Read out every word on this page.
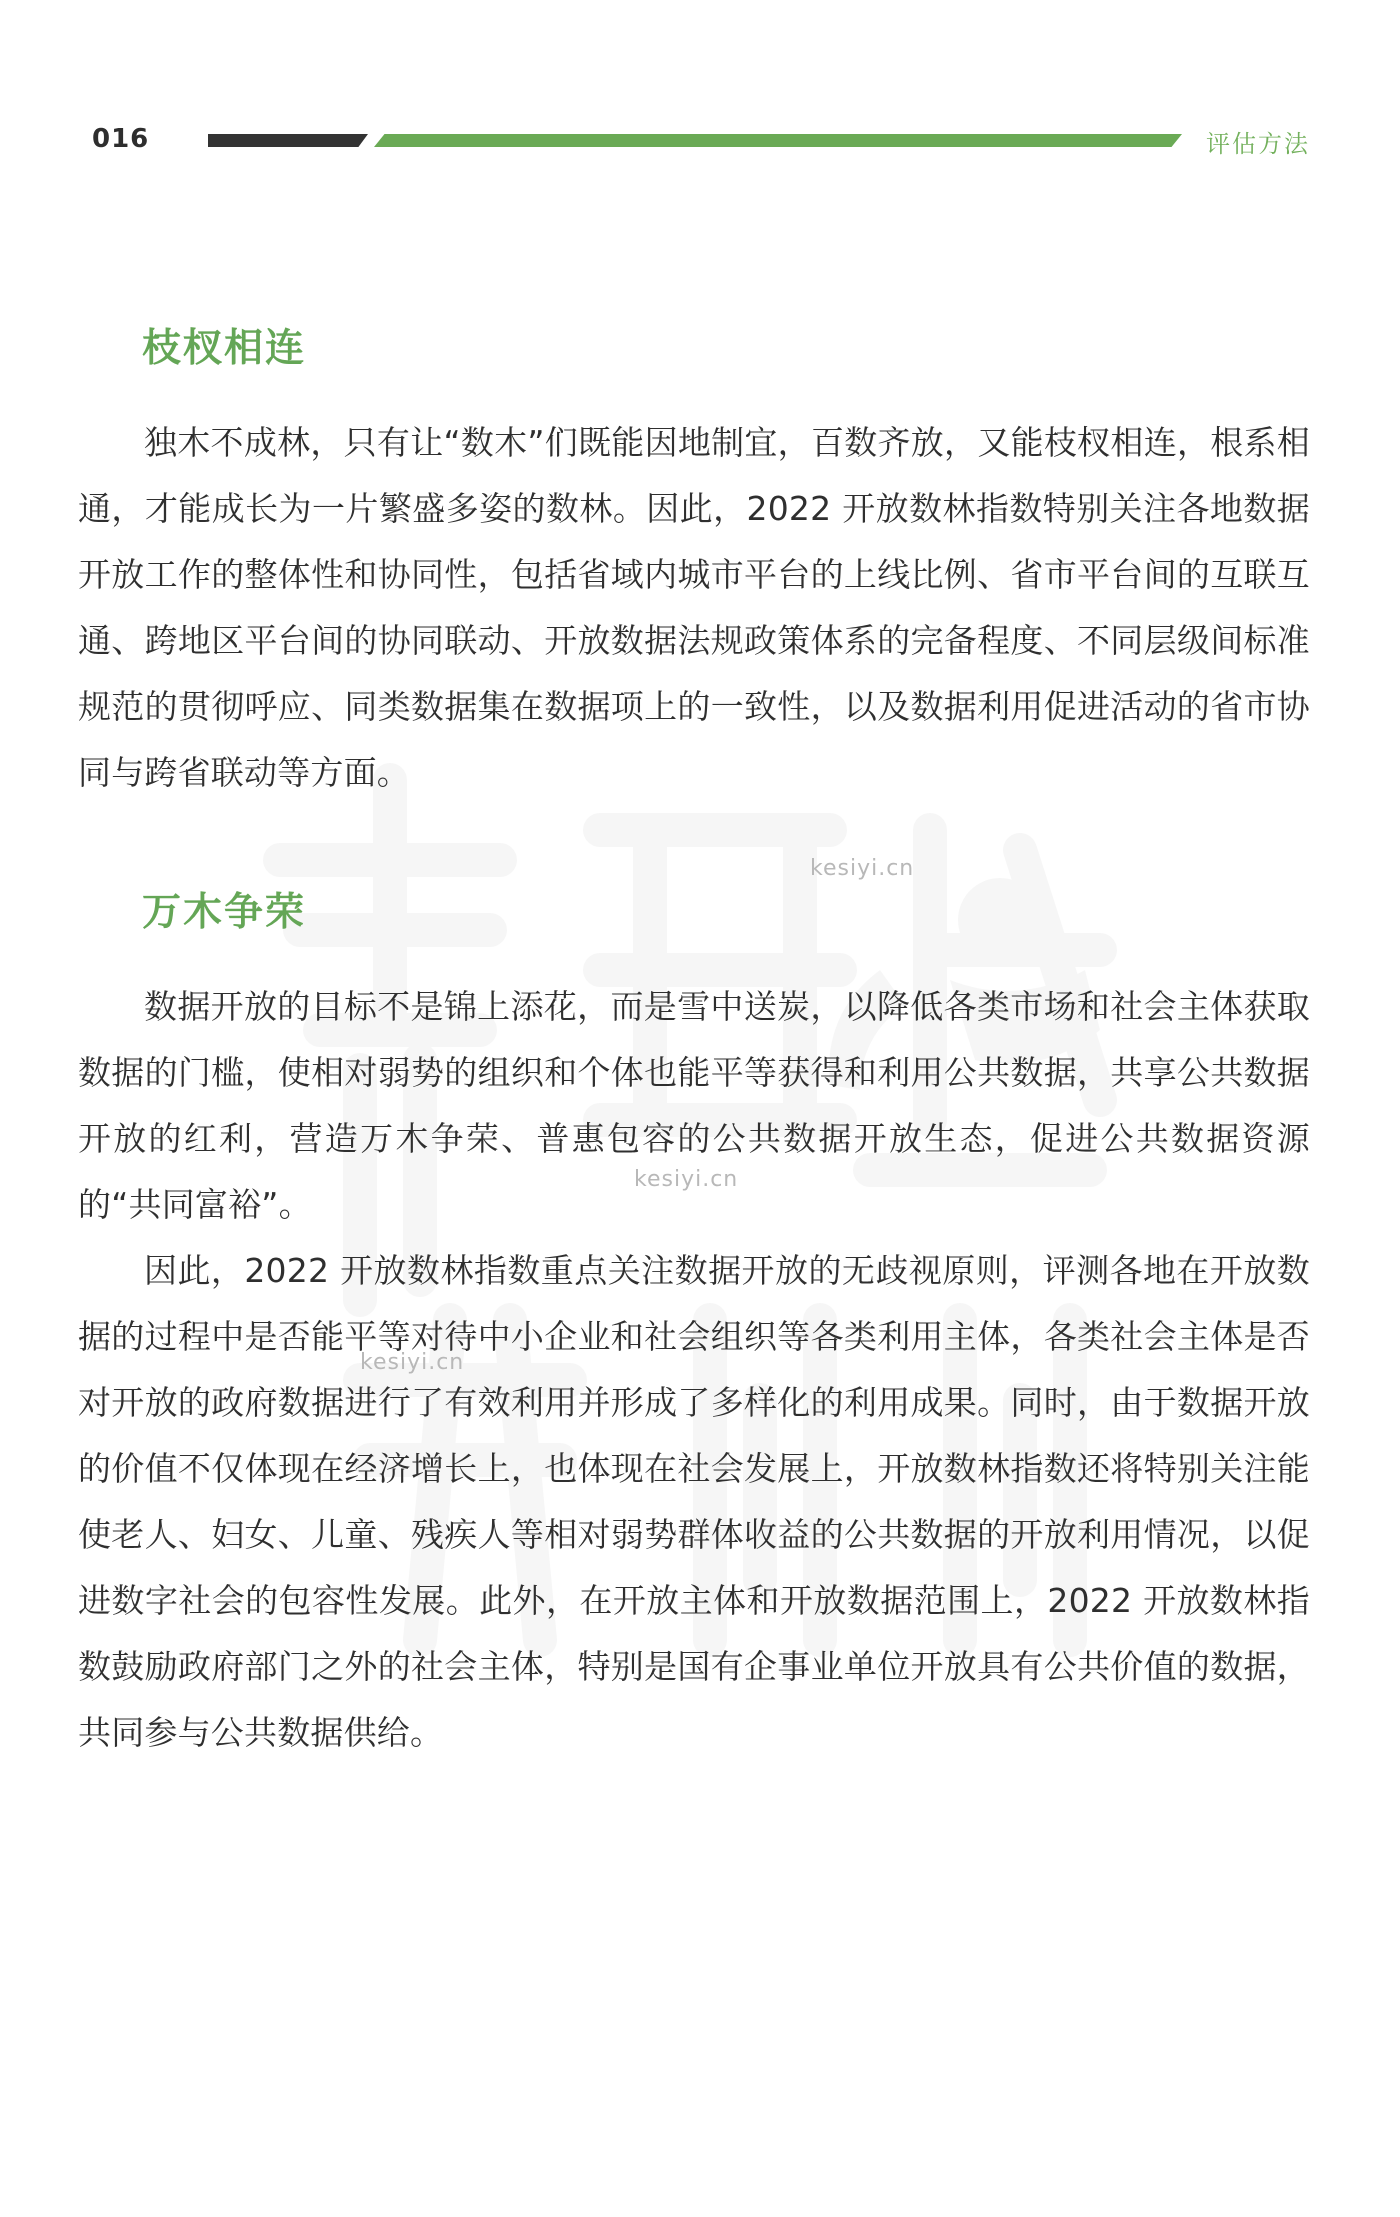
016	评估方法
kesiyi.cn
kesiyi.cn
kesiyi.cn
枝杈相连

独木不成林，只有让“数木”们既能因地制宜，百数齐放，又能枝杈相连，根系相通，才能成长为一片繁盛多姿的数林。因此，2022 开放数林指数特别关注各地数据开放工作的整体性和协同性，包括省域内城市平台的上线比例、省市平台间的互联互通、跨地区平台间的协同联动、开放数据法规政策体系的完备程度、不同层级间标准规范的贯彻呼应、同类数据集在数据项上的一致性，以及数据利用促进活动的省市协同与跨省联动等方面。

万木争荣

数据开放的目标不是锦上添花，而是雪中送炭，以降低各类市场和社会主体获取数据的门槛，使相对弱势的组织和个体也能平等获得和利用公共数据，共享公共数据开放的红利，营造万木争荣、普惠包容的公共数据开放生态，促进公共数据资源的“共同富裕”。

因此，2022 开放数林指数重点关注数据开放的无歧视原则，评测各地在开放数据的过程中是否能平等对待中小企业和社会组织等各类利用主体，各类社会主体是否对开放的政府数据进行了有效利用并形成了多样化的利用成果。同时，由于数据开放的价值不仅体现在经济增长上，也体现在社会发展上，开放数林指数还将特别关注能使老人、妇女、儿童、残疾人等相对弱势群体收益的公共数据的开放利用情况，以促进数字社会的包容性发展。此外，在开放主体和开放数据范围上，2022 开放数林指数鼓励政府部门之外的社会主体，特别是国有企事业单位开放具有公共价值的数据，共同参与公共数据供给。
